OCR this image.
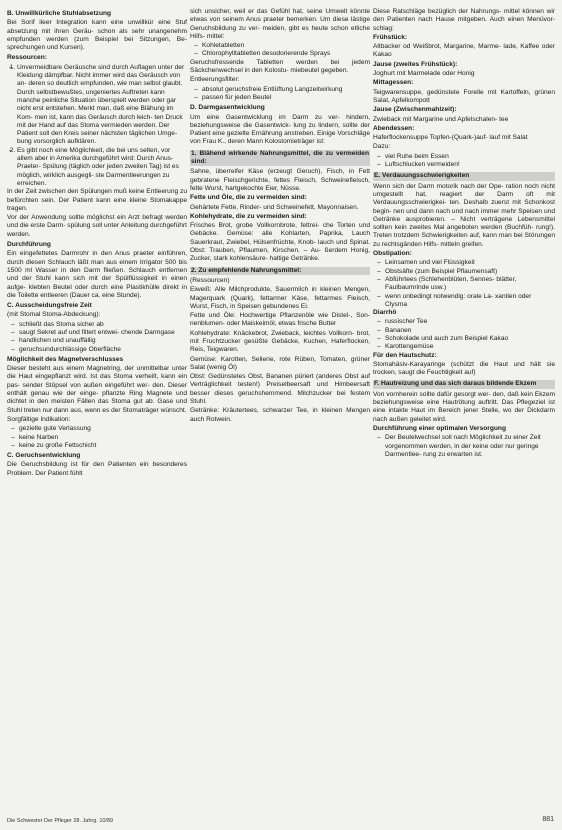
B. Unwillkürliche Stuhlabsetzung

Bei Sorif ileer Integration kann eine unwillkür eine Stuf absetzung mit ihren Geräu- schon als sehr unangenehm empfunden werden (zum Beispiel bei Sitzungen, Be- sprechungen und Kursen).

Ressourcen:

– 1. Unvermeidbare Geräusche sind durch Auflagen unter der Kleidung dämpfbar. Nicht immer wird das Geräusch von an- deren so deutlich empfunden, wie man selbst glaubt. Durch selbstbewußtes, ungeniertes Auftreten kann manche peinliche Situation überspielt werden oder gar nicht erst entstehen. Merkt man, daß eine Blähung im Kom- men ist, kann das Geräusch durch leich- ten Druck mit der Hand auf das Stoma vermieden werden. Der Patient soll den Kreis seiner nächsten täglichen Umge- bung vorsorglich aufklären.
– 2. Es gibt noch eine Möglichkeit, die bei uns selten, vor allem aber in Amerika durchgeführt wird: Durch Anus-Praeter- Spülung (täglich oder jeden zweiten Tag) ist es möglich, wirklich ausgegli- ste Darmentleerungen zu erreichen.

In der Zeit zwischen den Spülungen muß keine Entleerung zu befürchten sein. Der Patient kann eine kleine Stomakappe tragen.

Vor der Anwendung sollte möglichst ein Arzt befragt werden und die erste Darm- spülung soll unter Anleitung durchgeführt werden.

Durchführung

Ein eingefettetes Darmrohr in den Anus praeter einführen, durch diesen Schlauch läßt man aus einem Irrigator 500 bis 1500 ml Wasser in den Darm fließen. Schlauch entfernen und der Stuhl kann sich mit der Spülflüssigkeit in einen aufge- klebten Beutel oder durch eine Plastikhülle direkt in die Toilette entleeren (Dauer ca. eine Stunde).

C. Ausscheidungsfreie Zeit

(mit Stomal Stoma-Abdeckung):

– schließt das Stoma sicher ab
– saugt Sekret auf und filtert entwei- chende Darmgase
– handlichen und unauffällig
– geruchsundurchlässige Oberfläche

Möglichkeit des Magnetverschlusses

Dieser besteht aus einem Magnetring, der unmittelbar unter die Haut eingepflanzt wird. Ist das Stoma verheilt, kann ein pas- sender Stöpsel von außen eingeführt wer- den. Dieser enthält genau wie der einge- pflanzte Ring Magnete und dichtet in den meisten Fällen das Stoma gut ab. Gase und Stuhl treten nur dann aus, wenn es der Stomaträger wünscht.

Sorgfältige Indikation:

– gezielte gute Verlassung
– keine Narben
– keine zu große Fettschicht

C. Geruchsentwicklung

Die Geruchsbildung ist für den Patienten ein besonderes Problem. Der Patient fühlt

sich unsicher, weil er das Gefühl hat, seine Umwelt könnte etwas von seinem Anus praeter bemerken. Um diese lästige Geruchsbildung zu ver- meiden, gibt es heute schon etliche Hilfs- mittel:

– Kohletabletten
– Chlorophylltabletten desodorierende Sprays

Geruchsfressende Tabletten werden bei jedem Säckchenwechsel in den Kolostu- miebeutel gegeben.

Entleerungsfilter:

– absolut geruchsfreie Entlüftung Langzeitwirkung
– passen für jeden Beutel

D. Darmgasentwicklung

Um eine Gasentwicklung im Darm zu ver- hindern, beziehungsweise die Gasentwick- lung zu lindern, sollte der Patient eine gezielte Ernährung anstreben. Einige Vorschläge von Frau K., deren Mann Kolostomieträger ist:

1. Blähend wirkende Nahrungsmittel, die zu vermeiden sind:

Sahne, überreifer Käse (erzeugt Geruch), Fisch, in Fett gebratene Fleischgerichte, fettes Fleisch, Schweinefleisch, fette Wurst, hartgekochte Eier, Nüsse.

Fette und Öle, die zu vermeiden sind:

Gehärtete Fette, Rinder- und Schweinefett, Mayonnaisen.

Kohlehydrate, die zu vermeiden sind:

Frisches Brot, grobe Vollkornbrote, fettrei- che Torten und Gebäcke. Gemüse: alle Kohlarten, Paprika, Lauch Sauerkraut, Zwiebel, Hülsenfrüchte, Knob- lauch und Spinat. Obst: Trauben, Pflaumen, Kirschen. – Au- ßerdem Honig, Zucker, stark kohlensäure- haltige Getränke.

2. Zu empfehlende Nahrungsmittel:

(Ressourcen)

Eiweiß: Alle Milchprodukte, Sauermilch in kleinen Mengen, Magerquark (Quark), fettarmer Käse, fettarmes Fleisch, Wurst, Fisch, in Speisen gebundenes Ei.

Fette und Öle: Hochwertige Pflanzenöle wie Distel-, Son- nenblumen- oder Maiskeimöl, etwas frische Butter

Kohlehydrate: Knäckebrot, Zwieback, leichtes Vollkorn- brot, mit Fruchtzucker gesüßte Gebäcke, Kuchen, Haferflocken, Reis, Teigwaren.

Gemüse: Karotten, Sellerie, rote Rüben, Tomaten, grüner Salat (wenig Öl)

Obst: Gedünstetes Obst, Bananen püriert (anderes Obst auf Verträglichkeit testen!) Preiselbeersaft und Himbeersaft besser dieses geruchshemmend. Milchzucker bei festem Stuhl.

Getränke: Kräutertees, schwarzer Tee, in kleinen Mengen auch Rotwein.

Diese Ratschläge bezüglich der Nahrungs- mittel können wir den Patienten nach Hause mitgeben. Auch einen Menüvor- schlag:

Frühstück:

Altbacker od Weißbrot, Margarine, Marme- lade, Kaffee oder Kakao

Jause (zweites Frühstück):

Joghurt mit Marmelade oder Honig

Mittagessen:

Teigwarensuppe, gedünstete Forelle mit Kartoffeln, grünen Salat, Apfelkompott

Jause (Zwischenmahlzeit):

Zwieback mit Margarine und Apfelschalen- tee

Abendessen:

Haferflockensuppe Topfen-(Quark-)auf- lauf mit Salat

Dazu:

– viel Ruhe beim Essen
– Luftschlucken vermeiden!

E. Verdauungsschwierigkeiten

Wenn sich der Darm motorik nach der Ope- ration noch nicht umgestellt hat, reagiert der Darm oft mit Verdauungsschwierigkei- ten. Deshalb zuerst mit Schonkost begin- nen und dann nach und nach immer mehr Speisen und Getränke ausprobieren. – Nicht verträgene Lebensmittel sollten kein zweites Mal angeboten werden (Buchfüh- rung!). Treten trotzdem Schwierigkeiten auf, kann man bei Störungen zu rechtsgänden Hilfs- mitteln greifen.

Obstipation:

– Leinsamen und viel Flüssigkeit
– Obstsäfte (zum Beispiel Pflaumensaft)
– Abführtees (Schlehenblüten, Sennes- blätter, Faulbaumrinde usw.)
– wenn unbedingt notwendig: orale La- xantien oder Clysma

Diarrhö

– russischer Tee
– Bananen
– Schokolade und auch zum Beispiel Kakao
– Karottengemüse

Für den Hautschutz:

Stomahäsiv-Karayaringe (schützt die Haut und hält sie trocken, saugt die Feuchtigkeit auf)

F. Hautreizung und das sich daraus bildende Ekzem

Von vornherein sollte dafür gesorgt wer- den, daß kein Ekzem beziehungsweise eine Hautrötung auftritt. Das Pflegeziel ist eine intakte Haut im Bereich jener Stelle, wo der Dickdarm nach außen geleitet wird.

Durchführung einer optimalen Versorgung

– Der Beutelwechsel soll nach Möglichkeit zu einer Zeit vorgenommen werden, in der keine oder nur geringe Darmentlee- rung zu erwarten ist.
Die Schwester Der Pfleger 28. Jahrg. 10/89	881
